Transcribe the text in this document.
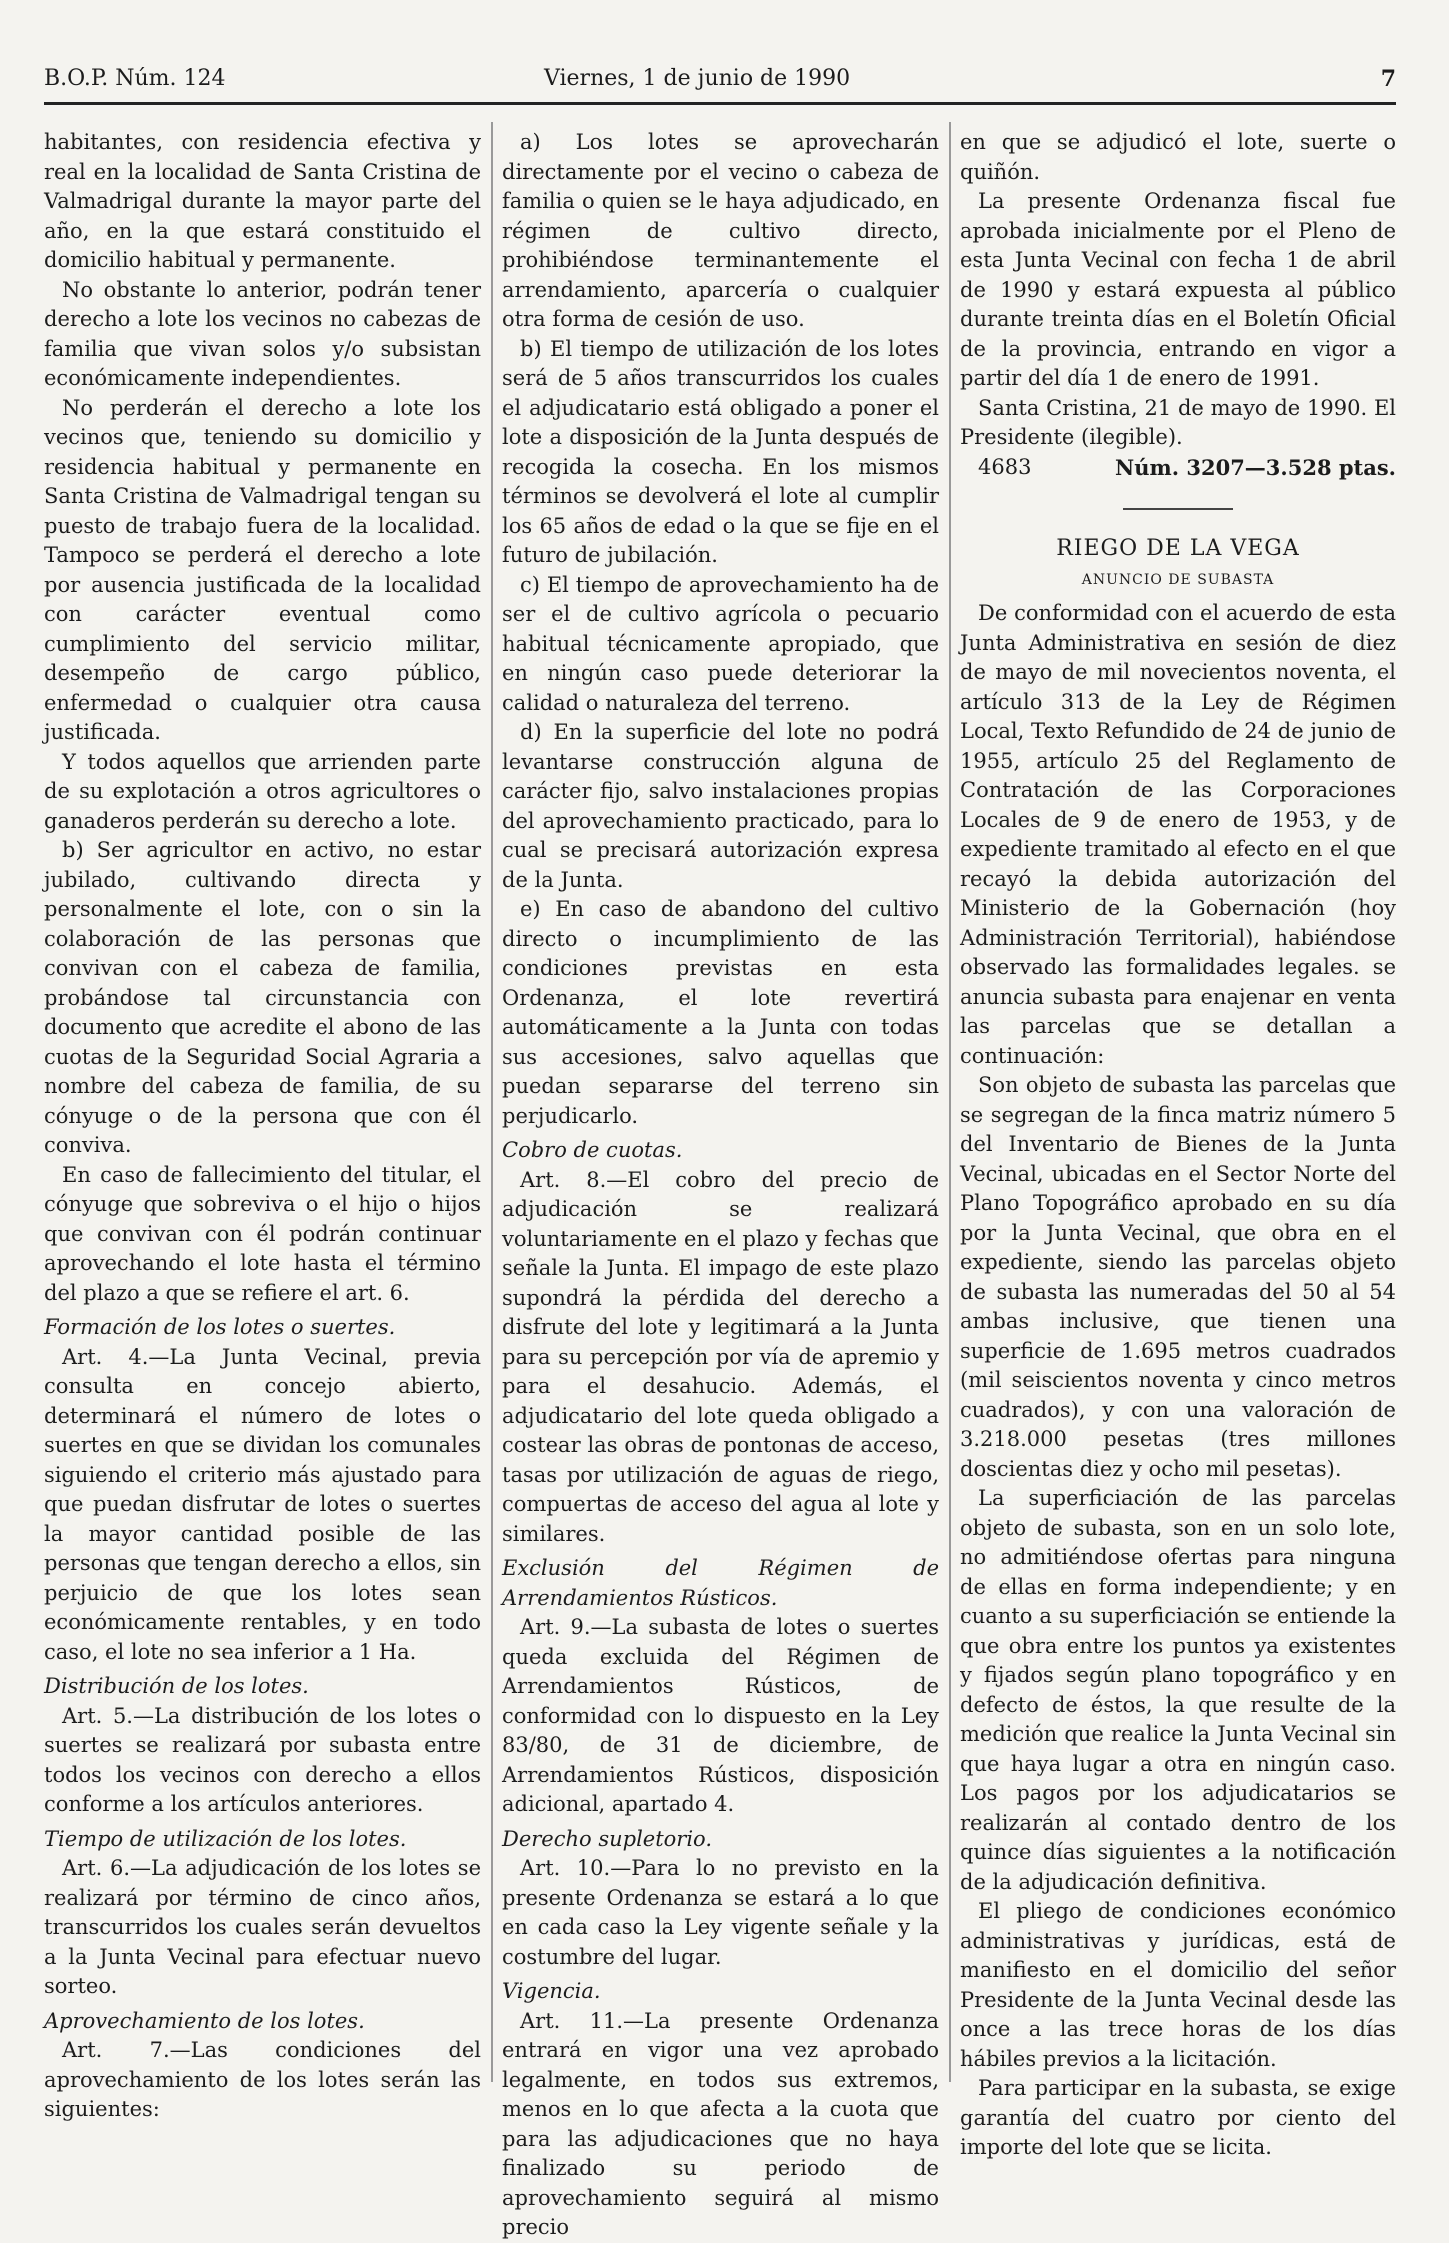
B.O.P. Núm. 124	Viernes, 1 de junio de 1990	7

habitantes, con residencia efectiva y real en la localidad de Santa Cristina de Valmadrigal durante la mayor parte del año, en la que estará constituido el domicilio habitual y permanente.

No obstante lo anterior, podrán tener derecho a lote los vecinos no cabezas de familia que vivan solos y/o subsistan económicamente independientes.

No perderán el derecho a lote los vecinos que, teniendo su domicilio y residencia habitual y permanente en Santa Cristina de Valmadrigal tengan su puesto de trabajo fuera de la localidad. Tampoco se perderá el derecho a lote por ausencia justificada de la localidad con carácter eventual como cumplimiento del servicio militar, desempeño de cargo público, enfermedad o cualquier otra causa justificada.

Y todos aquellos que arrienden parte de su explotación a otros agricultores o ganaderos perderán su derecho a lote.

b) Ser agricultor en activo, no estar jubilado, cultivando directa y personalmente el lote, con o sin la colaboración de las personas que convivan con el cabeza de familia, probándose tal circunstancia con documento que acredite el abono de las cuotas de la Seguridad Social Agraria a nombre del cabeza de familia, de su cónyuge o de la persona que con él conviva.

En caso de fallecimiento del titular, el cónyuge que sobreviva o el hijo o hijos que convivan con él podrán continuar aprovechando el lote hasta el término del plazo a que se refiere el art. 6.

Formación de los lotes o suertes.

Art. 4.—La Junta Vecinal, previa consulta en concejo abierto, determinará el número de lotes o suertes en que se dividan los comunales siguiendo el criterio más ajustado para que puedan disfrutar de lotes o suertes la mayor cantidad posible de las personas que tengan derecho a ellos, sin perjuicio de que los lotes sean económicamente rentables, y en todo caso, el lote no sea inferior a 1 Ha.

Distribución de los lotes.

Art. 5.—La distribución de los lotes o suertes se realizará por subasta entre todos los vecinos con derecho a ellos conforme a los artículos anteriores.

Tiempo de utilización de los lotes.

Art. 6.—La adjudicación de los lotes se realizará por término de cinco años, transcurridos los cuales serán devueltos a la Junta Vecinal para efectuar nuevo sorteo.

Aprovechamiento de los lotes.

Art. 7.—Las condiciones del aprovechamiento de los lotes serán las siguientes:

a) Los lotes se aprovecharán directamente por el vecino o cabeza de familia o quien se le haya adjudicado, en régimen de cultivo directo, prohibiéndose terminantemente el arrendamiento, aparcería o cualquier otra forma de cesión de uso.

b) El tiempo de utilización de los lotes será de 5 años transcurridos los cuales el adjudicatario está obligado a poner el lote a disposición de la Junta después de recogida la cosecha. En los mismos términos se devolverá el lote al cumplir los 65 años de edad o la que se fije en el futuro de jubilación.

c) El tiempo de aprovechamiento ha de ser el de cultivo agrícola o pecuario habitual técnicamente apropiado, que en ningún caso puede deteriorar la calidad o naturaleza del terreno.

d) En la superficie del lote no podrá levantarse construcción alguna de carácter fijo, salvo instalaciones propias del aprovechamiento practicado, para lo cual se precisará autorización expresa de la Junta.

e) En caso de abandono del cultivo directo o incumplimiento de las condiciones previstas en esta Ordenanza, el lote revertirá automáticamente a la Junta con todas sus accesiones, salvo aquellas que puedan separarse del terreno sin perjudicarlo.

Cobro de cuotas.

Art. 8.—El cobro del precio de adjudicación se realizará voluntariamente en el plazo y fechas que señale la Junta. El impago de este plazo supondrá la pérdida del derecho a disfrute del lote y legitimará a la Junta para su percepción por vía de apremio y para el desahucio. Además, el adjudicatario del lote queda obligado a costear las obras de pontonas de acceso, tasas por utilización de aguas de riego, compuertas de acceso del agua al lote y similares.

Exclusión del Régimen de Arrendamientos Rústicos.

Art. 9.—La subasta de lotes o suertes queda excluida del Régimen de Arrendamientos Rústicos, de conformidad con lo dispuesto en la Ley 83/80, de 31 de diciembre, de Arrendamientos Rústicos, disposición adicional, apartado 4.

Derecho supletorio.

Art. 10.—Para lo no previsto en la presente Ordenanza se estará a lo que en cada caso la Ley vigente señale y la costumbre del lugar.

Vigencia.

Art. 11.—La presente Ordenanza entrará en vigor una vez aprobado legalmente, en todos sus extremos, menos en lo que afecta a la cuota que para las adjudicaciones que no haya finalizado su periodo de aprovechamiento seguirá al mismo precio

en que se adjudicó el lote, suerte o quiñón.

La presente Ordenanza fiscal fue aprobada inicialmente por el Pleno de esta Junta Vecinal con fecha 1 de abril de 1990 y estará expuesta al público durante treinta días en el Boletín Oficial de la provincia, entrando en vigor a partir del día 1 de enero de 1991.

Santa Cristina, 21 de mayo de 1990. El Presidente (ilegible).

4683	Núm. 3207—3.528 ptas.

RIEGO DE LA VEGA

ANUNCIO DE SUBASTA

De conformidad con el acuerdo de esta Junta Administrativa en sesión de diez de mayo de mil novecientos noventa, el artículo 313 de la Ley de Régimen Local, Texto Refundido de 24 de junio de 1955, artículo 25 del Reglamento de Contratación de las Corporaciones Locales de 9 de enero de 1953, y de expediente tramitado al efecto en el que recayó la debida autorización del Ministerio de la Gobernación (hoy Administración Territorial), habiéndose observado las formalidades legales. se anuncia subasta para enajenar en venta las parcelas que se detallan a continuación:

Son objeto de subasta las parcelas que se segregan de la finca matriz número 5 del Inventario de Bienes de la Junta Vecinal, ubicadas en el Sector Norte del Plano Topográfico aprobado en su día por la Junta Vecinal, que obra en el expediente, siendo las parcelas objeto de subasta las numeradas del 50 al 54 ambas inclusive, que tienen una superficie de 1.695 metros cuadrados (mil seiscientos noventa y cinco metros cuadrados), y con una valoración de 3.218.000 pesetas (tres millones doscientas diez y ocho mil pesetas).

La superficiación de las parcelas objeto de subasta, son en un solo lote, no admitiéndose ofertas para ninguna de ellas en forma independiente; y en cuanto a su superficiación se entiende la que obra entre los puntos ya existentes y fijados según plano topográfico y en defecto de éstos, la que resulte de la medición que realice la Junta Vecinal sin que haya lugar a otra en ningún caso. Los pagos por los adjudicatarios se realizarán al contado dentro de los quince días siguientes a la notificación de la adjudicación definitiva.

El pliego de condiciones económico administrativas y jurídicas, está de manifiesto en el domicilio del señor Presidente de la Junta Vecinal desde las once a las trece horas de los días hábiles previos a la licitación.

Para participar en la subasta, se exige garantía del cuatro por ciento del importe del lote que se licita.
